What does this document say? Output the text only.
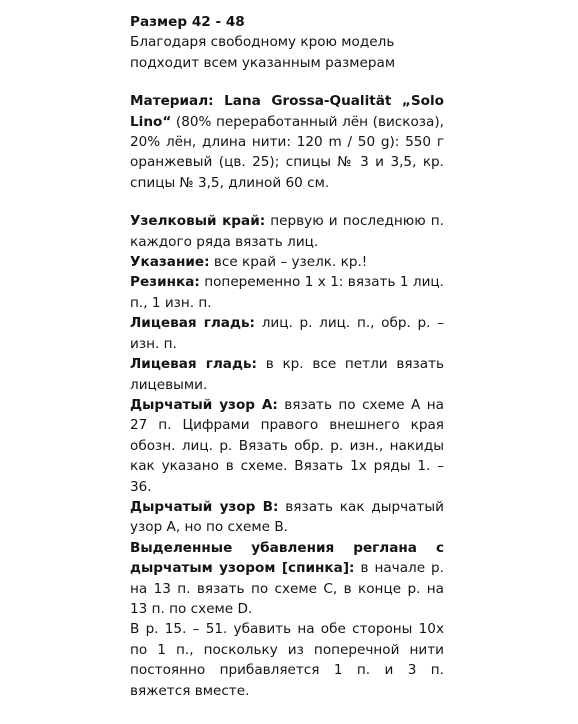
Размер 42 - 48
Благодаря свободному крою модель подходит всем указанным размерам
Материал: Lana Grossa-Qualität „Solo Lino“ (80% переработанный лён (вискоза), 20% лён, длина нити: 120 m / 50 g): 550 г оранжевый (цв. 25); спицы № 3 и 3,5, кр. спицы № 3,5, длиной 60 см.
Узелковый край: первую и последнюю п. каждого ряда вязать лиц.
Указание: все край – узелк. кр.!
Резинка: попеременно 1 х 1: вязать 1 лиц. п., 1 изн. п.
Лицевая гладь: лиц. р. лиц. п., обр. р. – изн. п.
Лицевая гладь: в кр. все петли вязать лицевыми.
Дырчатый узор А: вязать по схеме А на 27 п. Цифрами правого внешнего края обозн. лиц. р. Вязать обр. р. изн., накиды как указано в схеме. Вязать 1x ряды 1. – 36.
Дырчатый узор В: вязать как дырчатый узор А, но по схеме В.
Выделенные убавления реглана с дырчатым узором [спинка]: в начале р. на 13 п. вязать по схеме С, в конце р. на 13 п. по схеме D.
В р. 15. – 51. убавить на обе стороны 10х по 1 п., поскольку из поперечной нити постоянно прибавляется 1 п. и 3 п. вяжется вместе.
